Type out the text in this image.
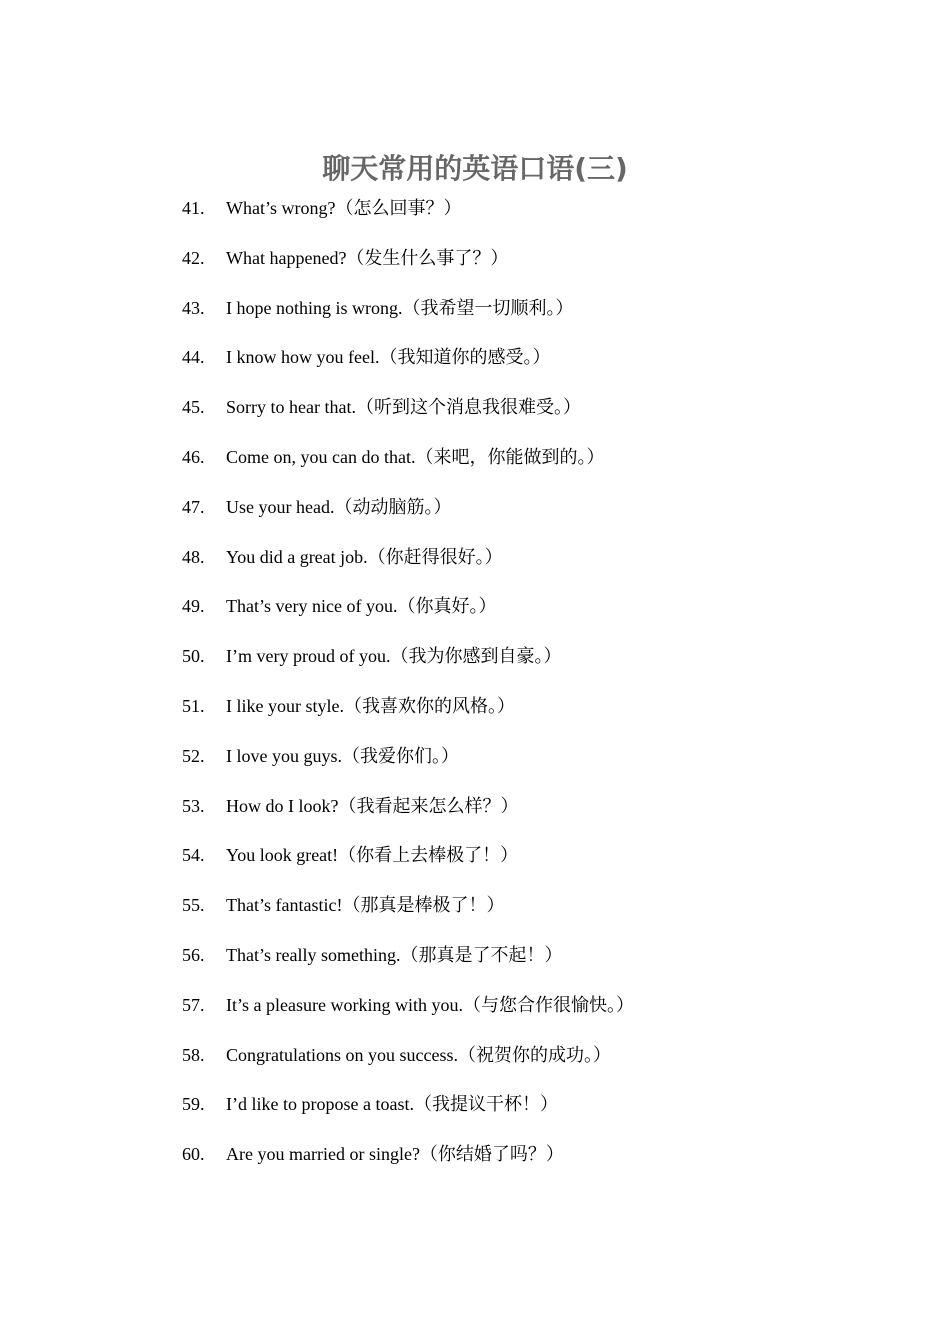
聊天常用的英语口语(三)
41.	What’s wrong?（怎么回事？）
42.	What happened?（发生什么事了？）
43.	I hope nothing is wrong.（我希望一切顺利。）
44.	I know how you feel.（我知道你的感受。）
45.	Sorry to hear that.（听到这个消息我很难受。）
46.	Come on, you can do that.（来吧，你能做到的。）
47.	Use your head.（动动脑筋。）
48.	You did a great job.（你赶得很好。）
49.	That’s very nice of you.（你真好。）
50.	I’m very proud of you.（我为你感到自豪。）
51.	I like your style.（我喜欢你的风格。）
52.	I love you guys.（我爱你们。）
53.	How do I look?（我看起来怎么样？）
54.	You look great!（你看上去棒极了！）
55.	That’s fantastic!（那真是棒极了！）
56.	That’s really something.（那真是了不起！）
57.	It’s a pleasure working with you.（与您合作很愉快。）
58.	Congratulations on you success.（祝贺你的成功。）
59.	I’d like to propose a toast.（我提议干杯！）
60.	Are you married or single?（你结婚了吗？）
